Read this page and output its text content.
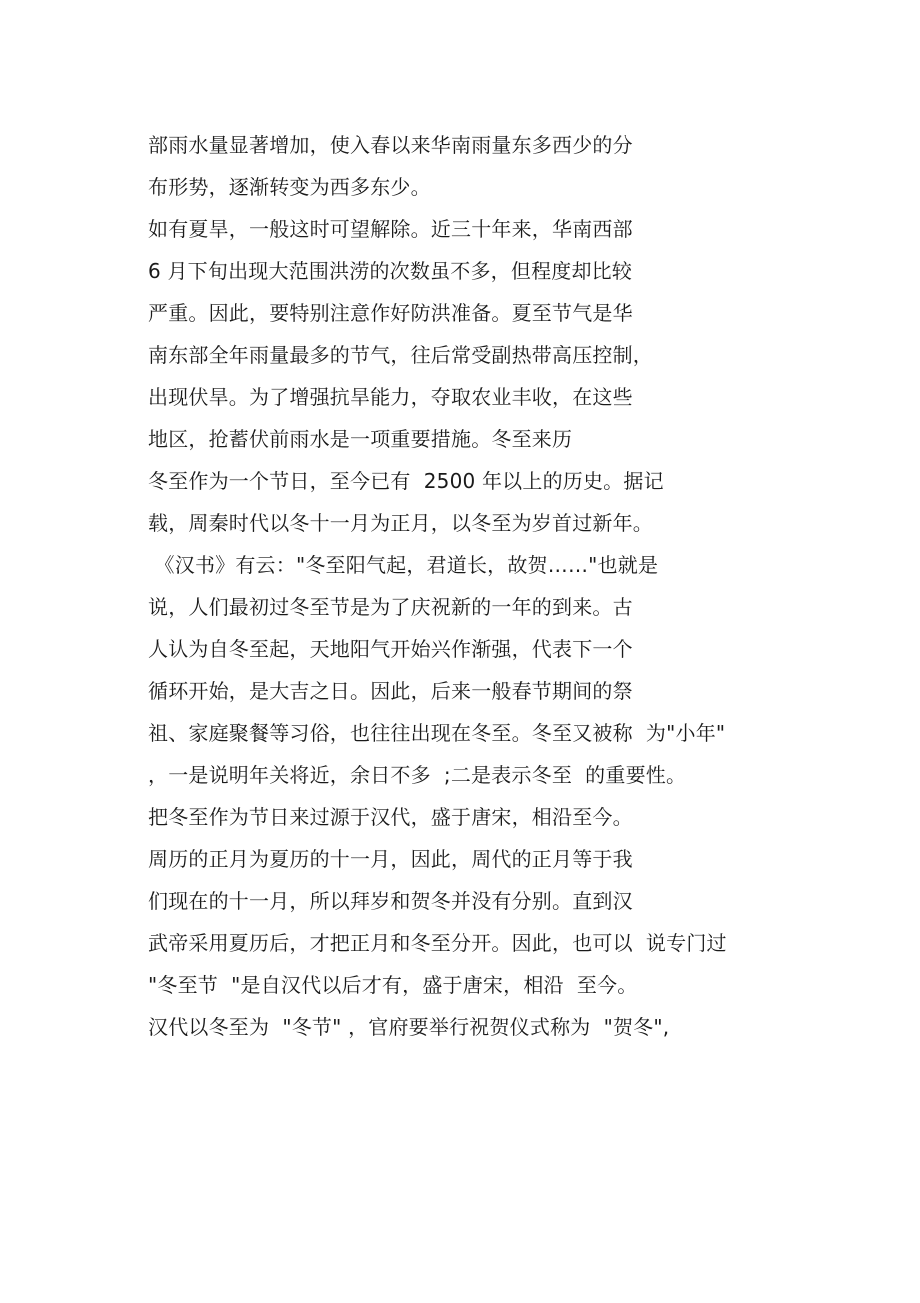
部雨水量显著增加，使入春以来华南雨量东多西少的分
布形势，逐渐转变为西多东少。
如有夏旱，一般这时可望解除。近三十年来，华南西部
6 月下旬出现大范围洪涝的次数虽不多，但程度却比较
严重。因此，要特别注意作好防洪准备。夏至节气是华
南东部全年雨量最多的节气，往后常受副热带高压控制，
出现伏旱。为了增强抗旱能力，夺取农业丰收，在这些
地区，抢蓄伏前雨水是一项重要措施。冬至来历
冬至作为一个节日，至今已有  2500 年以上的历史。据记
载，周秦时代以冬十一月为正月，以冬至为岁首过新年。
《汉书》有云："冬至阳气起，君道长，故贺……"也就是
说，人们最初过冬至节是为了庆祝新的一年的到来。古
人认为自冬至起，天地阳气开始兴作渐强，代表下一个
循环开始，是大吉之日。因此，后来一般春节期间的祭
祖、家庭聚餐等习俗，也往往出现在冬至。冬至又被称  为"小年"
，一是说明年关将近，余日不多  ;二是表示冬至  的重要性。
把冬至作为节日来过源于汉代，盛于唐宋，相沿至今。
周历的正月为夏历的十一月，因此，周代的正月等于我
们现在的十一月，所以拜岁和贺冬并没有分别。直到汉
武帝采用夏历后，才把正月和冬至分开。因此，也可以  说专门过
"冬至节  "是自汉代以后才有，盛于唐宋，相沿  至今。
汉代以冬至为  "冬节" ，官府要举行祝贺仪式称为  "贺冬",
